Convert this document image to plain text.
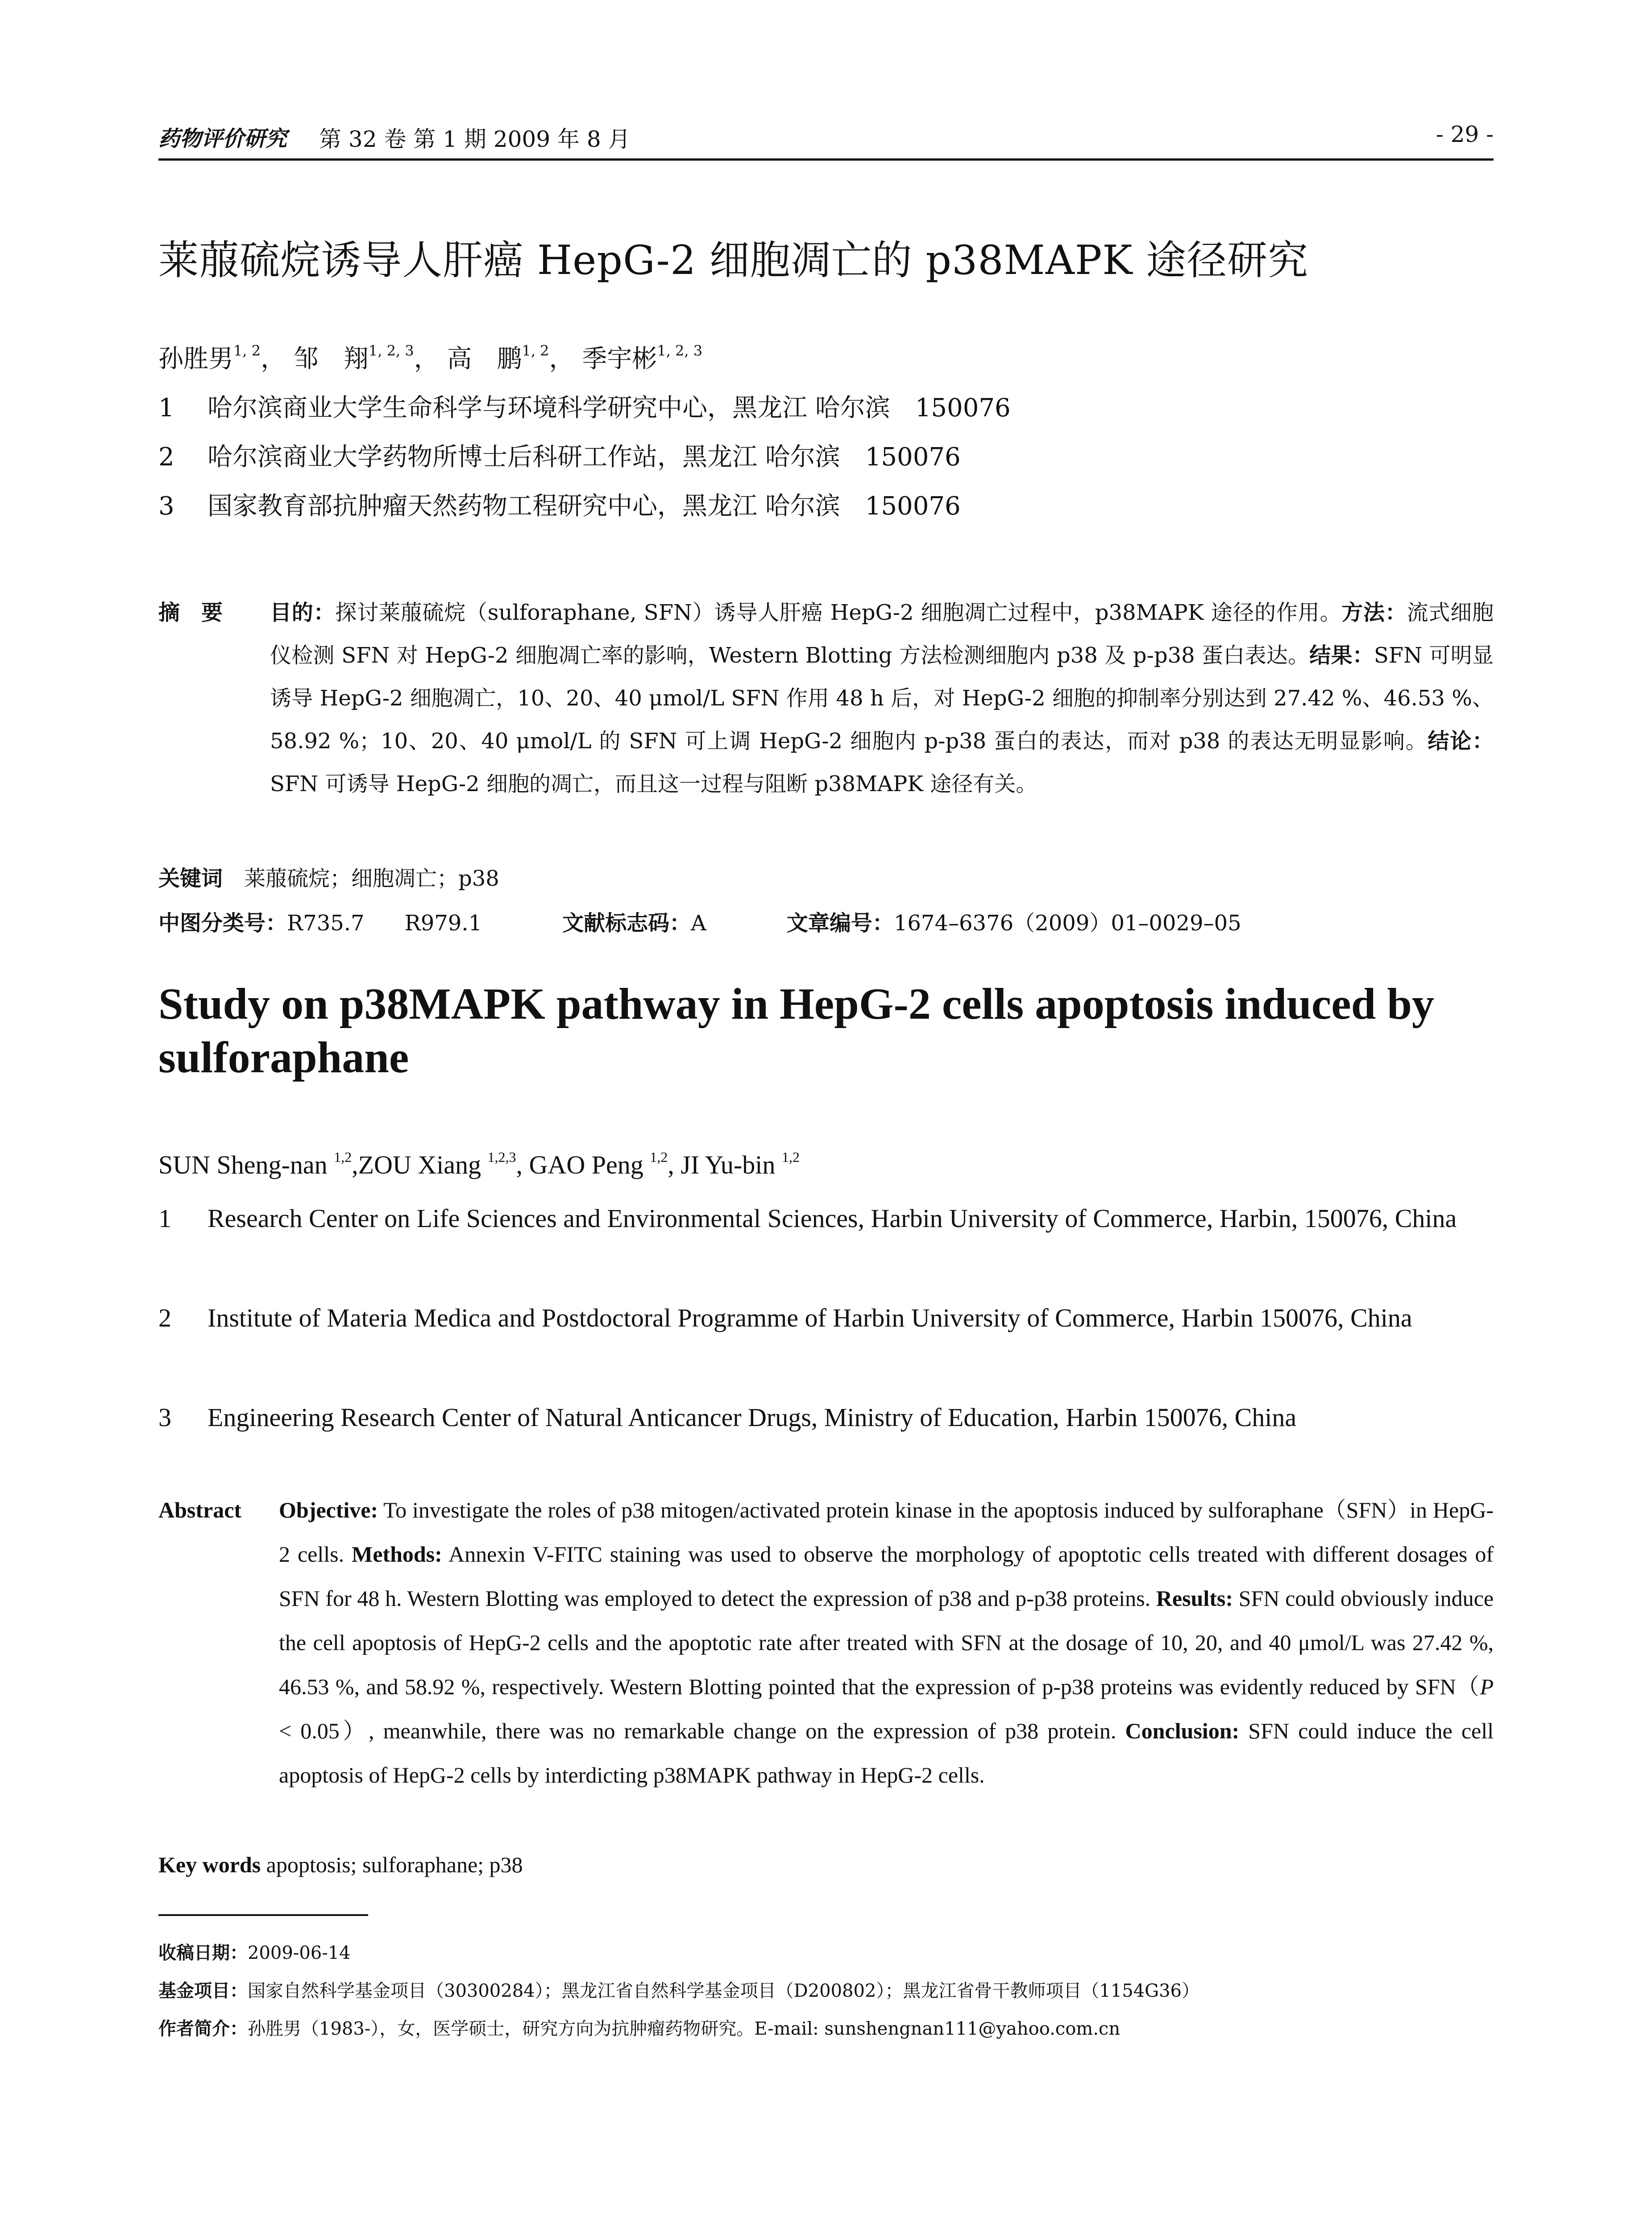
药物评价研究 第 32 卷 第 1 期 2009 年 8 月	- 29 -
莱菔硫烷诱导人肝癌 HepG-2 细胞凋亡的 p38MAPK 途径研究
孙胜男$^{1, 2}$， 邹　翔$^{1, 2, 3}$， 高　鹏$^{1, 2}$， 季宇彬$^{1, 2, 3}$
1 哈尔滨商业大学生命科学与环境科学研究中心，黑龙江 哈尔滨　150076
2 哈尔滨商业大学药物所博士后科研工作站，黑龙江 哈尔滨　150076
3 国家教育部抗肿瘤天然药物工程研究中心，黑龙江 哈尔滨　150076
摘　要 目的：探讨莱菔硫烷（sulforaphane, SFN）诱导人肝癌 HepG-2 细胞凋亡过程中，p38MAPK 途径的作用。方法：流式细胞仪检测 SFN 对 HepG-2 细胞凋亡率的影响，Western Blotting 方法检测细胞内 p38 及 p-p38 蛋白表达。结果：SFN 可明显诱导 HepG-2 细胞凋亡，10、20、40 μmol/L SFN 作用 48 h 后，对 HepG-2 细胞的抑制率分别达到 27.42 %、46.53 %、58.92 %；10、20、40 μmol/L 的 SFN 可上调 HepG-2 细胞内 p-p38 蛋白的表达，而对 p38 的表达无明显影响。结论：SFN 可诱导 HepG-2 细胞的凋亡，而且这一过程与阻断 p38MAPK 途径有关。
关键词　 莱菔硫烷；细胞凋亡；p38
中图分类号：R735.7 R979.1	文献标志码：A	文章编号：1674–6376（2009）01–0029–05
Study on p38MAPK pathway in HepG-2 cells apoptosis induced by sulforaphane
SUN Sheng-nan $^{1,2}$,ZOU Xiang $^{1,2,3}$, GAO Peng $^{1,2}$, JI Yu-bin $^{1,2}$
1 Research Center on Life Sciences and Environmental Sciences, Harbin University of Commerce, Harbin, 150076, China
2 Institute of Materia Medica and Postdoctoral Programme of Harbin University of Commerce, Harbin 150076, China
3 Engineering Research Center of Natural Anticancer Drugs, Ministry of Education, Harbin 150076, China
Abstract Objective: To investigate the roles of p38 mitogen/activated protein kinase in the apoptosis induced by sulforaphane（SFN）in HepG-2 cells. Methods: Annexin V-FITC staining was used to observe the morphology of apoptotic cells treated with different dosages of SFN for 48 h. Western Blotting was employed to detect the expression of p38 and p-p38 proteins. Results: SFN could obviously induce the cell apoptosis of HepG-2 cells and the apoptotic rate after treated with SFN at the dosage of 10, 20, and 40 μmol/L was 27.42 %, 46.53 %, and 58.92 %, respectively. Western Blotting pointed that the expression of p-p38 proteins was evidently reduced by SFN（P < 0.05）, meanwhile, there was no remarkable change on the expression of p38 protein. Conclusion: SFN could induce the cell apoptosis of HepG-2 cells by interdicting p38MAPK pathway in HepG-2 cells.
Key words apoptosis; sulforaphane; p38
收稿日期：2009-06-14
基金项目：国家自然科学基金项目（30300284）；黑龙江省自然科学基金项目（D200802）；黑龙江省骨干教师项目（1154G36）
作者简介：孙胜男（1983-），女，医学硕士，研究方向为抗肿瘤药物研究。E-mail: sunshengnan111@yahoo.com.cn
